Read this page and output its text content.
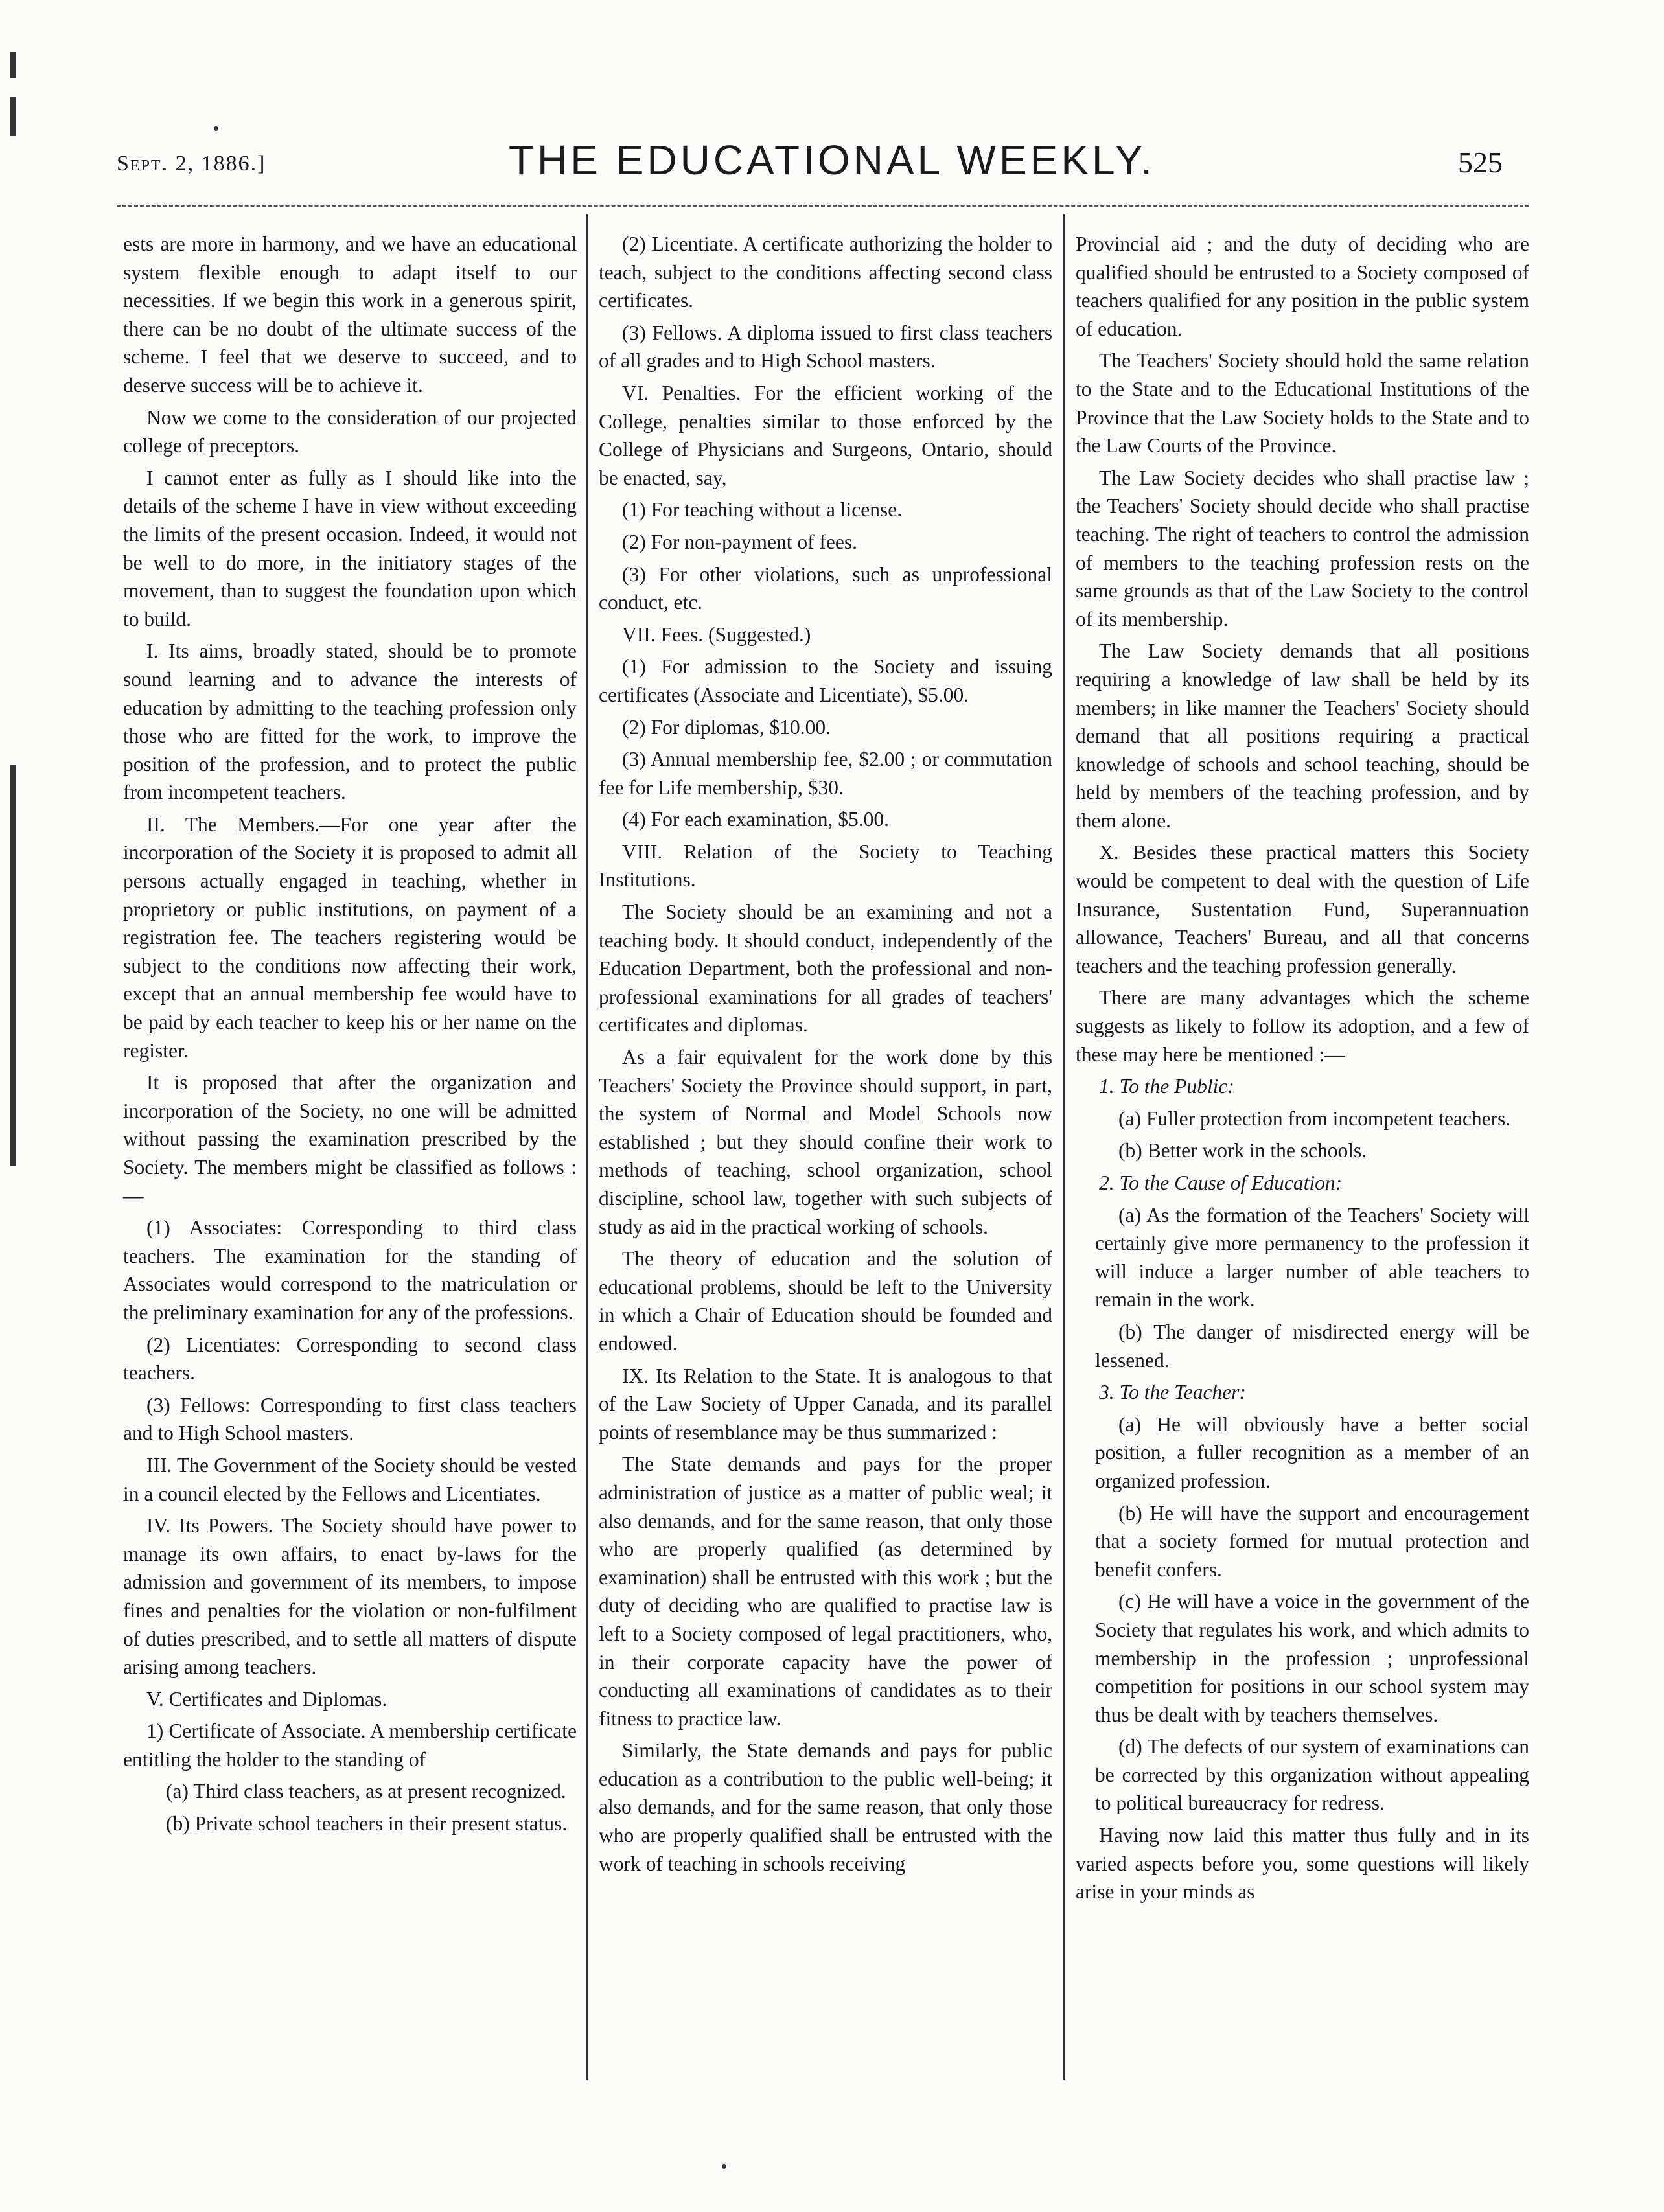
Sept. 2, 1886.]	THE EDUCATIONAL WEEKLY.	525

ests are more in harmony, and we have an educational system flexible enough to adapt itself to our necessities. If we begin this work in a generous spirit, there can be no doubt of the ultimate success of the scheme. I feel that we deserve to succeed, and to deserve success will be to achieve it.

Now we come to the consideration of our projected college of preceptors.

I cannot enter as fully as I should like into the details of the scheme I have in view without exceeding the limits of the present occasion. Indeed, it would not be well to do more, in the initiatory stages of the movement, than to suggest the foundation upon which to build.

I. Its aims, broadly stated, should be to promote sound learning and to advance the interests of education by admitting to the teaching profession only those who are fitted for the work, to improve the position of the profession, and to protect the public from incompetent teachers.

II. The Members.—For one year after the incorporation of the Society it is proposed to admit all persons actually engaged in teaching, whether in proprietory or public institutions, on payment of a registration fee. The teachers registering would be subject to the conditions now affecting their work, except that an annual membership fee would have to be paid by each teacher to keep his or her name on the register.

It is proposed that after the organization and incorporation of the Society, no one will be admitted without passing the examination prescribed by the Society. The members might be classified as follows :—

(1) Associates: Corresponding to third class teachers. The examination for the standing of Associates would correspond to the matriculation or the preliminary examination for any of the professions.

(2) Licentiates: Corresponding to second class teachers.

(3) Fellows: Corresponding to first class teachers and to High School masters.

III. The Government of the Society should be vested in a council elected by the Fellows and Licentiates.

IV. Its Powers. The Society should have power to manage its own affairs, to enact by-laws for the admission and government of its members, to impose fines and penalties for the violation or non-fulfilment of duties prescribed, and to settle all matters of dispute arising among teachers.

V. Certificates and Diplomas.

1) Certificate of Associate. A membership certificate entitling the holder to the standing of

(a) Third class teachers, as at present recognized.

(b) Private school teachers in their present status.

(2) Licentiate. A certificate authorizing the holder to teach, subject to the conditions affecting second class certificates.

(3) Fellows. A diploma issued to first class teachers of all grades and to High School masters.

VI. Penalties. For the efficient working of the College, penalties similar to those enforced by the College of Physicians and Surgeons, Ontario, should be enacted, say,

(1) For teaching without a license.

(2) For non-payment of fees.

(3) For other violations, such as unprofessional conduct, etc.

VII. Fees. (Suggested.)

(1) For admission to the Society and issuing certificates (Associate and Licentiate), $5.00.

(2) For diplomas, $10.00.

(3) Annual membership fee, $2.00 ; or commutation fee for Life membership, $30.

(4) For each examination, $5.00.

VIII. Relation of the Society to Teaching Institutions.

The Society should be an examining and not a teaching body. It should conduct, independently of the Education Department, both the professional and non-professional examinations for all grades of teachers' certificates and diplomas.

As a fair equivalent for the work done by this Teachers' Society the Province should support, in part, the system of Normal and Model Schools now established ; but they should confine their work to methods of teaching, school organization, school discipline, school law, together with such subjects of study as aid in the practical working of schools.

The theory of education and the solution of educational problems, should be left to the University in which a Chair of Education should be founded and endowed.

IX. Its Relation to the State. It is analogous to that of the Law Society of Upper Canada, and its parallel points of resemblance may be thus summarized :

The State demands and pays for the proper administration of justice as a matter of public weal; it also demands, and for the same reason, that only those who are properly qualified (as determined by examination) shall be entrusted with this work ; but the duty of deciding who are qualified to practise law is left to a Society composed of legal practitioners, who, in their corporate capacity have the power of conducting all examinations of candidates as to their fitness to practice law.

Similarly, the State demands and pays for public education as a contribution to the public well-being; it also demands, and for the same reason, that only those who are properly qualified shall be entrusted with the work of teaching in schools receiving

Provincial aid ; and the duty of deciding who are qualified should be entrusted to a Society composed of teachers qualified for any position in the public system of education.

The Teachers' Society should hold the same relation to the State and to the Educational Institutions of the Province that the Law Society holds to the State and to the Law Courts of the Province.

The Law Society decides who shall practise law ; the Teachers' Society should decide who shall practise teaching. The right of teachers to control the admission of members to the teaching profession rests on the same grounds as that of the Law Society to the control of its membership.

The Law Society demands that all positions requiring a knowledge of law shall be held by its members; in like manner the Teachers' Society should demand that all positions requiring a practical knowledge of schools and school teaching, should be held by members of the teaching profession, and by them alone.

X. Besides these practical matters this Society would be competent to deal with the question of Life Insurance, Sustentation Fund, Superannuation allowance, Teachers' Bureau, and all that concerns teachers and the teaching profession generally.

There are many advantages which the scheme suggests as likely to follow its adoption, and a few of these may here be mentioned :—

1. To the Public:

(a) Fuller protection from incompetent teachers.

(b) Better work in the schools.

2. To the Cause of Education:

(a) As the formation of the Teachers' Society will certainly give more permanency to the profession it will induce a larger number of able teachers to remain in the work.

(b) The danger of misdirected energy will be lessened.

3. To the Teacher:

(a) He will obviously have a better social position, a fuller recognition as a member of an organized profession.

(b) He will have the support and encouragement that a society formed for mutual protection and benefit confers.

(c) He will have a voice in the government of the Society that regulates his work, and which admits to membership in the profession ; unprofessional competition for positions in our school system may thus be dealt with by teachers themselves.

(d) The defects of our system of examinations can be corrected by this organization without appealing to political bureaucracy for redress.

Having now laid this matter thus fully and in its varied aspects before you, some questions will likely arise in your minds as
